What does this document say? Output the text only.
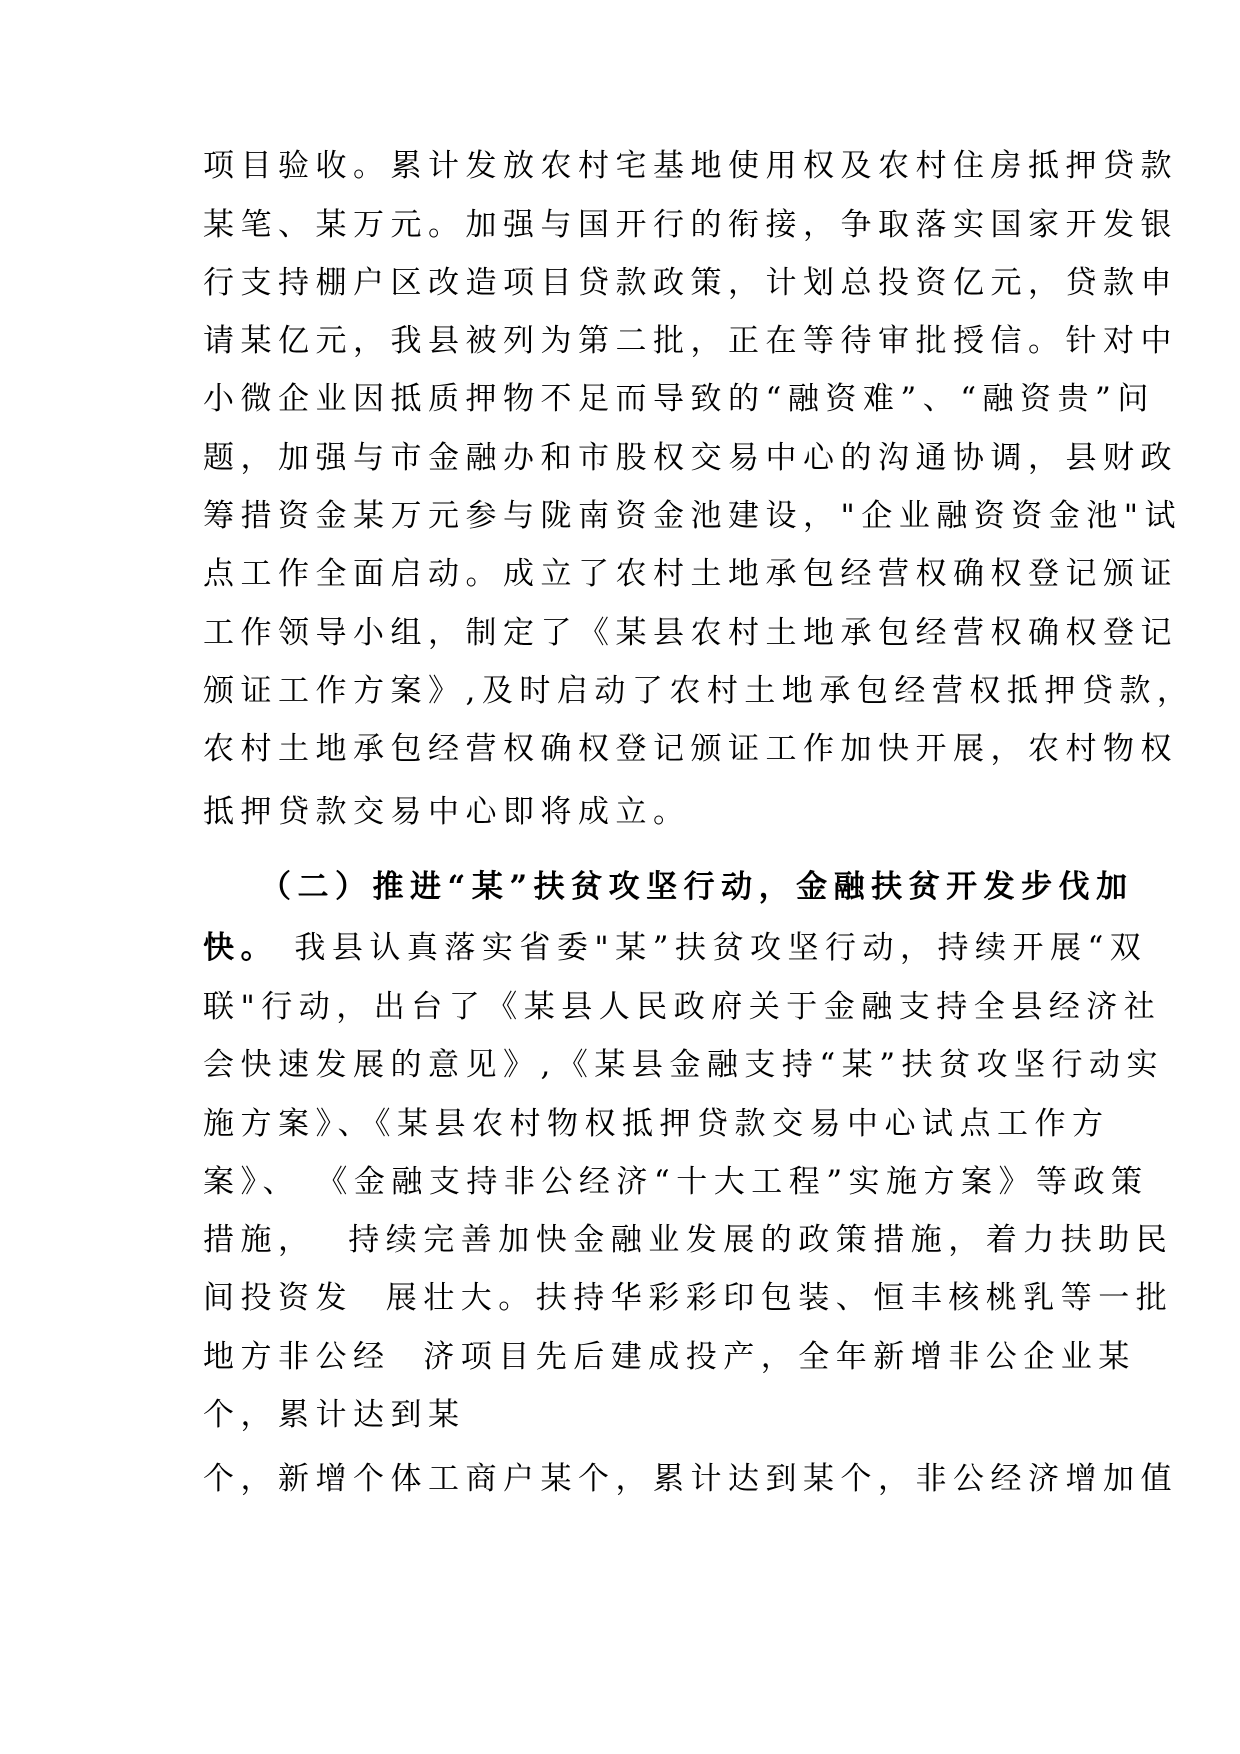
项目验收。累计发放农村宅基地使用权及农村住房抵押贷款
某笔、某万元。加强与国开行的衔接，争取落实国家开发银
行支持棚户区改造项目贷款政策，计划总投资亿元，贷款申
请某亿元，我县被列为第二批，正在等待审批授信。针对中
小微企业因抵质押物不足而导致的“融资难”、“融资贵”问
题，加强与市金融办和市股权交易中心的沟通协调，县财政
筹措资金某万元参与陇南资金池建设，"企业融资资金池"试
点工作全面启动。成立了农村土地承包经营权确权登记颁证
工作领导小组，制定了《某县农村土地承包经营权确权登记
颁证工作方案》,及时启动了农村土地承包经营权抵押贷款，
农村土地承包经营权确权登记颁证工作加快开展，农村物权
抵押贷款交易中心即将成立。
（二）推进“某”扶贫攻坚行动，金融扶贫开发步伐加
快。 我县认真落实省委"某”扶贫攻坚行动，持续开展“双
联"行动，出台了《某县人民政府关于金融支持全县经济社
会快速发展的意见》,《某县金融支持“某”扶贫攻坚行动实
施方案》、《某县农村物权抵押贷款交易中心试点工作方
案》、 《金融支持非公经济“十大工程”实施方案》等政策
措施，  持续完善加快金融业发展的政策措施，着力扶助民
间投资发  展壮大。扶持华彩彩印包装、恒丰核桃乳等一批
地方非公经  济项目先后建成投产，全年新增非公企业某
个，累计达到某
个，新增个体工商户某个，累计达到某个，非公经济增加值
